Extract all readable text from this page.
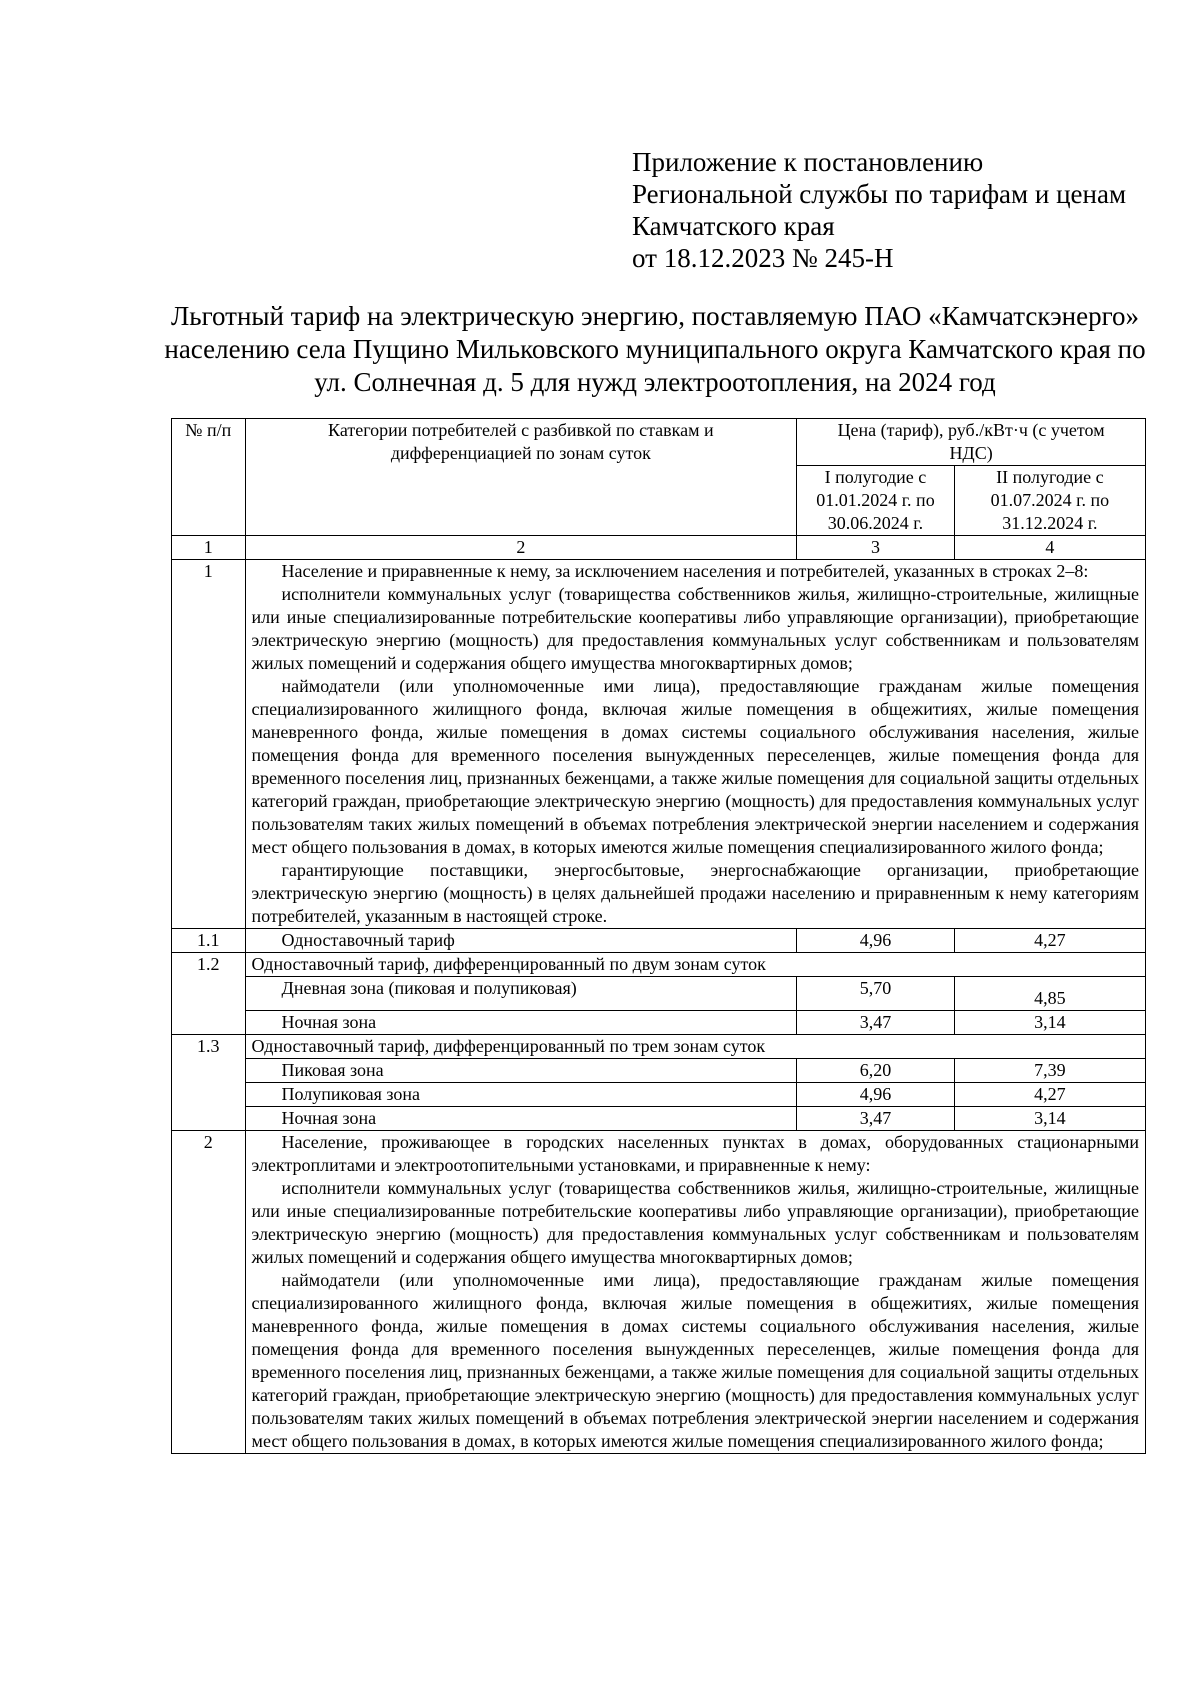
Приложение к постановлению
Региональной службы по тарифам и ценам
Камчатского края
от 18.12.2023 № 245-Н
Льготный тариф на электрическую энергию, поставляемую ПАО «Камчатскэнерго»
населению села Пущино Мильковского муниципального округа Камчатского края по
ул. Солнечная д. 5 для нужд электроотопления, на 2024 год
№ п/п	Категории потребителей с разбивкой по ставкам и дифференциацией по зонам суток	Цена (тариф), руб./кВт·ч (с учетом НДС)	
		I полугодие с 01.01.2024 г. по 30.06.2024 г.	II полугодие с 01.07.2024 г. по 31.12.2024 г.
1	2	3	4
1	Население и приравненные к нему, за исключением населения и потребителей, указанных в строках 2–8:

исполнители коммунальных услуг (товарищества собственников жилья, жилищно-строительные, жилищные или иные специализированные потребительские кооперативы либо управляющие организации), приобретающие электрическую энергию (мощность) для предоставления коммунальных услуг собственникам и пользователям жилых помещений и содержания общего имущества многоквартирных домов;

наймодатели (или уполномоченные ими лица), предоставляющие гражданам жилые помещения специализированного жилищного фонда, включая жилые помещения в общежитиях, жилые помещения маневренного фонда, жилые помещения в домах системы социального обслуживания населения, жилые помещения фонда для временного поселения вынужденных переселенцев, жилые помещения фонда для временного поселения лиц, признанных беженцами, а также жилые помещения для социальной защиты отдельных категорий граждан, приобретающие электрическую энергию (мощность) для предоставления коммунальных услуг пользователям таких жилых помещений в объемах потребления электрической энергии населением и содержания мест общего пользования в домах, в которых имеются жилые помещения специализированного жилого фонда;

гарантирующие поставщики, энергосбытовые, энергоснабжающие организации, приобретающие электрическую энергию (мощность) в целях дальнейшей продажи населению и приравненным к нему категориям потребителей, указанным в настоящей строке.		

1.1	Одноставочный тариф	4,96	4,27
1.2	Одноставочный тариф, дифференцированный по двум зонам суток		
	Дневная зона (пиковая и полупиковая)	5,70	4,85
	Ночная зона	3,47	3,14
1.3	Одноставочный тариф, дифференцированный по трем зонам суток		
	Пиковая зона	6,20	7,39
	Полупиковая зона	4,96	4,27
	Ночная зона	3,47	3,14
2	Население, проживающее в городских населенных пунктах в домах, оборудованных стационарными электроплитами и электроотопительными установками, и приравненные к нему:

исполнители коммунальных услуг (товарищества собственников жилья, жилищно-строительные, жилищные или иные специализированные потребительские кооперативы либо управляющие организации), приобретающие электрическую энергию (мощность) для предоставления коммунальных услуг собственникам и пользователям жилых помещений и содержания общего имущества многоквартирных домов;

наймодатели (или уполномоченные ими лица), предоставляющие гражданам жилые помещения специализированного жилищного фонда, включая жилые помещения в общежитиях, жилые помещения маневренного фонда, жилые помещения в домах системы социального обслуживания населения, жилые помещения фонда для временного поселения вынужденных переселенцев, жилые помещения фонда для временного поселения лиц, признанных беженцами, а также жилые помещения для социальной защиты отдельных категорий граждан, приобретающие электрическую энергию (мощность) для предоставления коммунальных услуг пользователям таких жилых помещений в объемах потребления электрической энергии населением и содержания мест общего пользования в домах, в которых имеются жилые помещения специализированного жилого фонда;		
